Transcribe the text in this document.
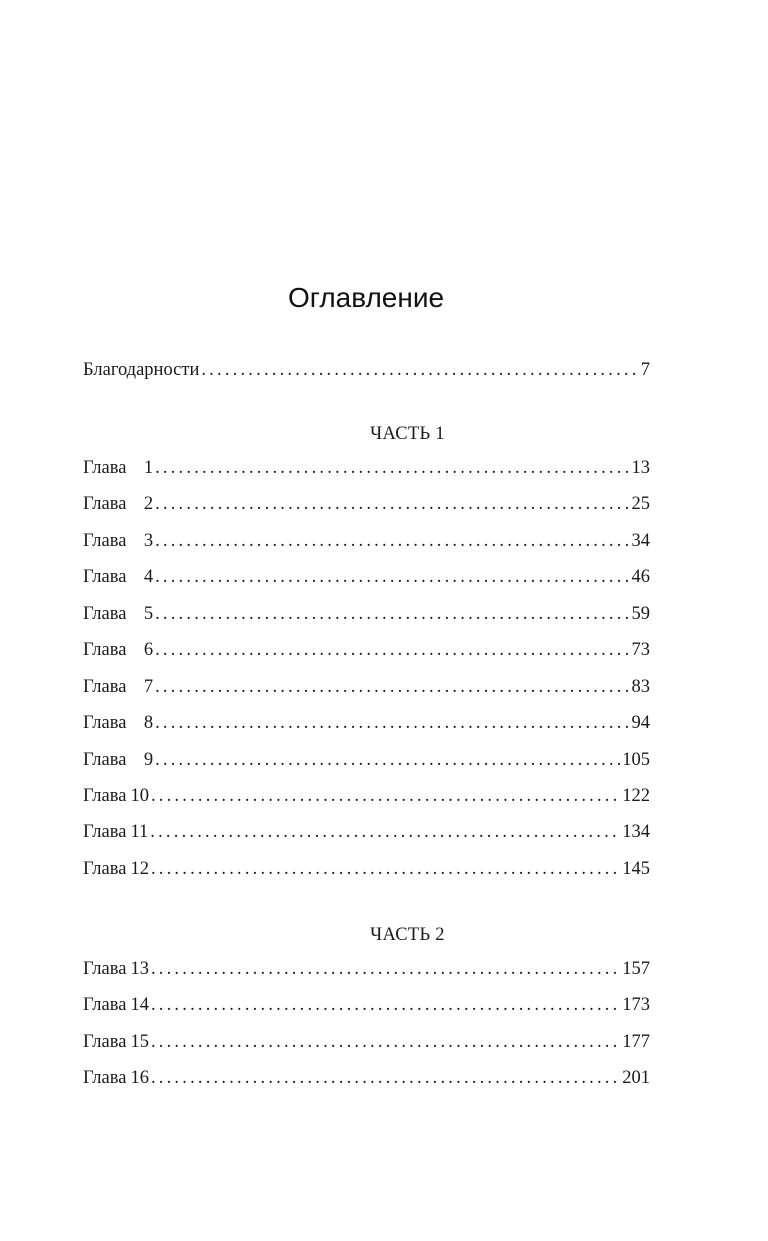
Оглавление
Благодарности .....	7
ЧАСТЬ 1
Глава 1 .....	13
Глава 2 .....	25
Глава 3 .....	34
Глава 4 .....	46
Глава 5 .....	59
Глава 6 .....	73
Глава 7 .....	83
Глава 8 .....	94
Глава 9 .....	105
Глава 10 .....	122
Глава 11 .....	134
Глава 12 .....	145
ЧАСТЬ 2
Глава 13 .....	157
Глава 14 .....	173
Глава 15 .....	177
Глава 16 .....	201
